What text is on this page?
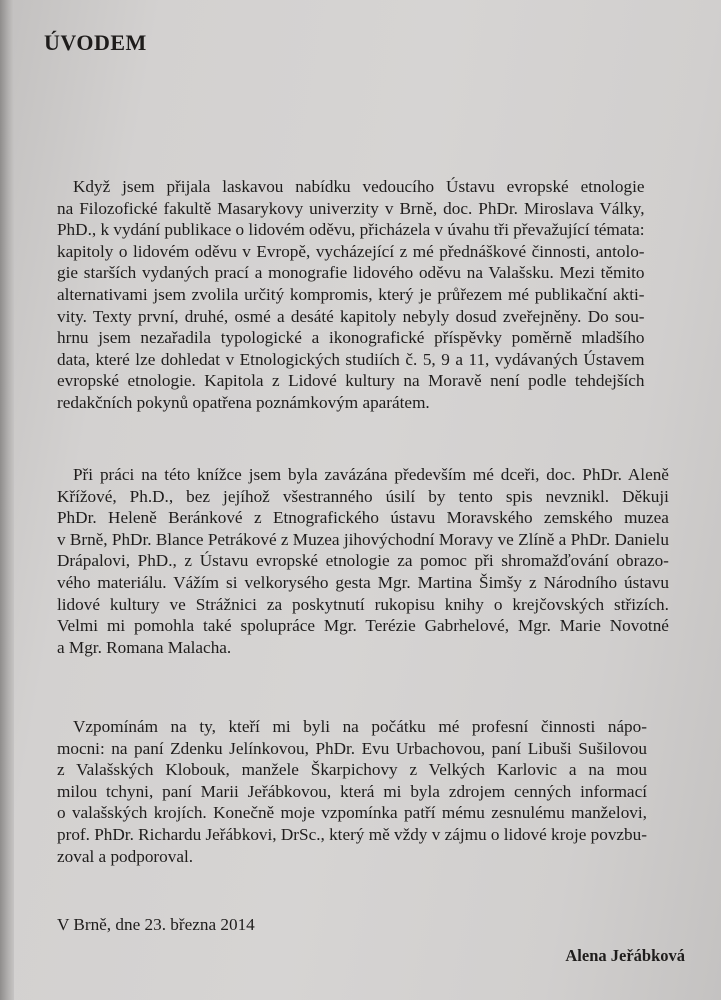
ÚVODEM

Když jsem přijala laskavou nabídku vedoucího Ústavu evropské etnologie
na Filozofické fakultě Masarykovy univerzity v Brně, doc. PhDr. Miroslava Války,
PhD., k vydání publikace o lidovém oděvu, přicházela v úvahu tři převažující témata:
kapitoly o lidovém oděvu v Evropě, vycházející z mé přednáškové činnosti, antolo-
gie starších vydaných prací a monografie lidového oděvu na Valašsku. Mezi těmito
alternativami jsem zvolila určitý kompromis, který je průřezem mé publikační akti-
vity. Texty první, druhé, osmé a desáté kapitoly nebyly dosud zveřejněny. Do sou-
hrnu jsem nezařadila typologické a ikonografické příspěvky poměrně mladšího
data, které lze dohledat v Etnologických studiích č. 5, 9 a 11, vydávaných Ústavem
evropské etnologie. Kapitola z Lidové kultury na Moravě není podle tehdejších
redakčních pokynů opatřena poznámkovým aparátem.

Při práci na této knížce jsem byla zavázána především mé dceři, doc. PhDr. Aleně
Křížové, Ph.D., bez jejíhož všestranného úsilí by tento spis nevznikl. Děkuji
PhDr. Heleně Beránkové z Etnografického ústavu Moravského zemského muzea
v Brně, PhDr. Blance Petrákové z Muzea jihovýchodní Moravy ve Zlíně a PhDr. Danielu
Drápalovi, PhD., z Ústavu evropské etnologie za pomoc při shromažďování obrazo-
vého materiálu. Vážím si velkorysého gesta Mgr. Martina Šimšy z Národního ústavu
lidové kultury ve Strážnici za poskytnutí rukopisu knihy o krejčovských střizích.
Velmi mi pomohla také spolupráce Mgr. Terézie Gabrhelové, Mgr. Marie Novotné
a Mgr. Romana Malacha.

Vzpomínám na ty, kteří mi byli na počátku mé profesní činnosti nápo-
mocni: na paní Zdenku Jelínkovou, PhDr. Evu Urbachovou, paní Libuši Sušilovou
z Valašských Klobouk, manžele Škarpichovy z Velkých Karlovic a na mou
milou tchyni, paní Marii Jeřábkovou, která mi byla zdrojem cenných informací
o valašských krojích. Konečně moje vzpomínka patří mému zesnulému manželovi,
prof. PhDr. Richardu Jeřábkovi, DrSc., který mě vždy v zájmu o lidové kroje povzbu-
zoval a podporoval.

V Brně, dne 23. března 2014
Alena Jeřábková
